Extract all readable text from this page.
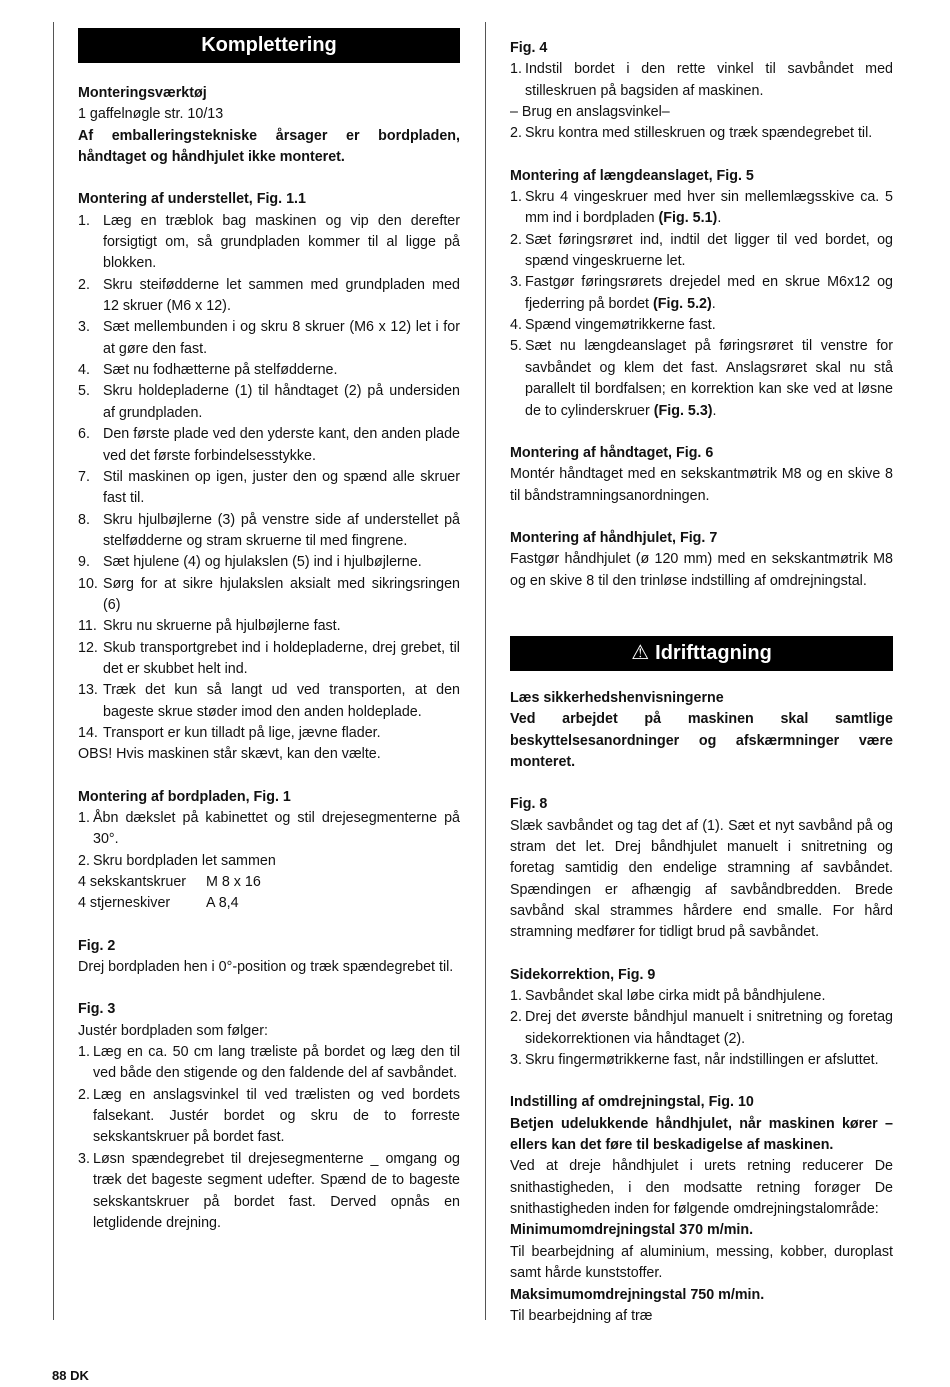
Komplettering

Monteringsværktøj

1 gaffelnøgle str. 10/13

Af emballeringstekniske årsager er bordpladen, håndtaget og håndhjulet ikke monteret.

Montering af understellet, Fig. 1.1

1. Læg en træblok bag maskinen og vip den derefter forsigtigt om, så grundpladen kommer til al ligge på blokken.
2. Skru steifødderne let sammen med grundpladen med 12 skruer (M6 x 12).
3. Sæt mellembunden i og skru 8 skruer (M6 x 12) let i for at gøre den fast.
4. Sæt nu fodhætterne på stelfødderne.
5. Skru holdepladerne (1) til håndtaget (2) på undersiden af grundpladen.
6. Den første plade ved den yderste kant, den anden plade ved det første forbindelsesstykke.
7. Stil maskinen op igen, juster den og spænd alle skruer fast til.
8. Skru hjulbøjlerne (3) på venstre side af understellet på stelfødderne og stram skruerne til med fingrene.
9. Sæt hjulene (4) og hjulakslen (5) ind i hjulbøjlerne.
10. Sørg for at sikre hjulakslen aksialt med sikringsringen (6)
11. Skru nu skruerne på hjulbøjlerne fast.
12. Skub transportgrebet ind i holdepladerne, drej grebet, til det er skubbet helt ind.
13. Træk det kun så langt ud ved transporten, at den bageste skrue støder imod den anden holdeplade.
14. Transport er kun tilladt på lige, jævne flader.

OBS! Hvis maskinen står skævt, kan den vælte.

Montering af bordpladen, Fig. 1

1. Åbn dækslet på kabinettet og stil drejesegmenterne på 30°.
2. Skru bordpladen let sammen
4 sekskantskruer	M 8 x 16
4 stjerneskiver	A 8,4

Fig. 2

Drej bordpladen hen i 0°-position og træk spændegrebet til.

Fig. 3

Justér bordpladen som følger:

1. Læg en ca. 50 cm lang træliste på bordet og læg den til ved både den stigende og den faldende del af savbåndet.
2. Læg en anslagsvinkel til ved trælisten og ved bordets falsekant. Justér bordet og skru de to forreste sekskantskruer på bordet fast.
3. Løsn spændegrebet til drejesegmenterne _ omgang og træk det bageste segment udefter. Spænd de to bageste sekskantskruer på bordet fast. Derved opnås en letglidende drejning.

Fig. 4

1. Indstil bordet i den rette vinkel til savbåndet med stilleskruen på bagsiden af maskinen.

– Brug en anslagsvinkel–

2. Skru kontra med stilleskruen og træk spændegrebet til.

Montering af længdeanslaget, Fig. 5

1. Skru 4 vingeskruer med hver sin mellemlægsskive ca. 5 mm ind i bordpladen (Fig. 5.1).
2. Sæt føringsrøret ind, indtil det ligger til ved bordet, og spænd vingeskruerne let.
3. Fastgør føringsrørets drejedel med en skrue M6x12 og fjederring på bordet (Fig. 5.2).
4. Spænd vingemøtrikkerne fast.
5. Sæt nu længdeanslaget på føringsrøret til venstre for savbåndet og klem det fast. Anslagsrøret skal nu stå parallelt til bordfalsen; en korrektion kan ske ved at løsne de to cylinderskruer (Fig. 5.3).

Montering af håndtaget, Fig. 6

Montér håndtaget med en sekskantmøtrik M8 og en skive 8 til båndstramningsanordningen.

Montering af håndhjulet, Fig. 7

Fastgør håndhjulet (ø 120 mm) med en sekskantmøtrik M8 og en skive 8 til den trinløse indstilling af omdrejningstal.

⚠ Idrifttagning

Læs sikkerhedshenvisningerne

Ved arbejdet på maskinen skal samtlige beskyttelsesanordninger og afskærmninger være monteret.

Fig. 8

Slæk savbåndet og tag det af (1). Sæt et nyt savbånd på og stram det let. Drej båndhjulet manuelt i snitretning og foretag samtidig den endelige stramning af savbåndet. Spændingen er afhængig af savbåndbredden. Brede savbånd skal strammes hårdere end smalle. For hård stramning medfører for tidligt brud på savbåndet.

Sidekorrektion, Fig. 9

1. Savbåndet skal løbe cirka midt på båndhjulene.
2. Drej det øverste båndhjul manuelt i snitretning og foretag sidekorrektionen via håndtaget (2).
3. Skru fingermøtrikkerne fast, når indstillingen er afsluttet.

Indstilling af omdrejningstal, Fig. 10

Betjen udelukkende håndhjulet, når maskinen kører – ellers kan det føre til beskadigelse af maskinen.

Ved at dreje håndhjulet i urets retning reducerer De snithastigheden, i den modsatte retning forøger De snithastigheden inden for følgende omdrejningstalområde:

Minimumomdrejningstal 370 m/min.

Til bearbejdning af aluminium, messing, kobber, duroplast samt hårde kunststoffer.

Maksimumomdrejningstal 750 m/min.

Til bearbejdning af træ

88 DK
